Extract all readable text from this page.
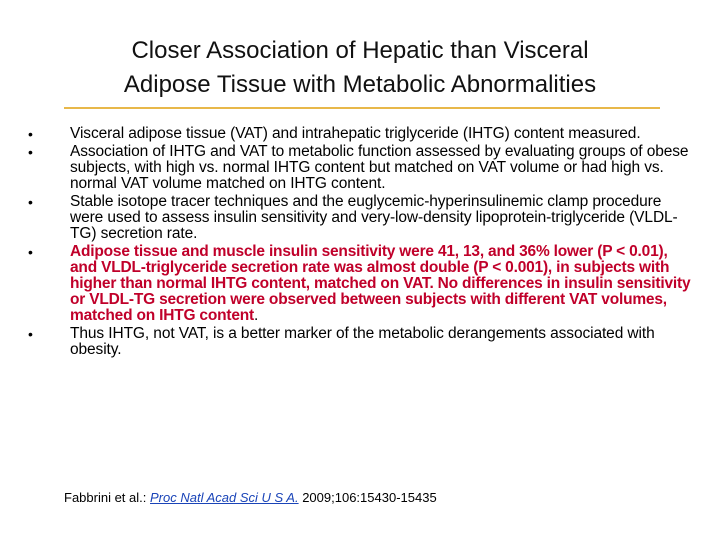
Closer Association of Hepatic than Visceral
Adipose Tissue with Metabolic Abnormalities
•	Visceral adipose tissue (VAT) and intrahepatic triglyceride (IHTG) content measured.
•	Association of IHTG and VAT to metabolic function assessed by evaluating groups of obese subjects, with high vs. normal IHTG content but matched on VAT volume or had high vs. normal VAT volume matched on IHTG content.
•	Stable isotope tracer techniques and the euglycemic-hyperinsulinemic clamp procedure were used to assess insulin sensitivity and very-low-density lipoprotein-triglyceride (VLDL-TG) secretion rate.
•	Adipose tissue and muscle insulin sensitivity were 41, 13, and 36% lower (P < 0.01), and VLDL-triglyceride secretion rate was almost double (P < 0.001), in subjects with higher than normal IHTG content, matched on VAT. No differences in insulin sensitivity or VLDL-TG secretion were observed between subjects with different VAT volumes, matched on IHTG content.
•	Thus IHTG, not VAT, is a better marker of the metabolic derangements associated with obesity.
Fabbrini et al.: Proc Natl Acad Sci U S A. 2009;106:15430-15435
